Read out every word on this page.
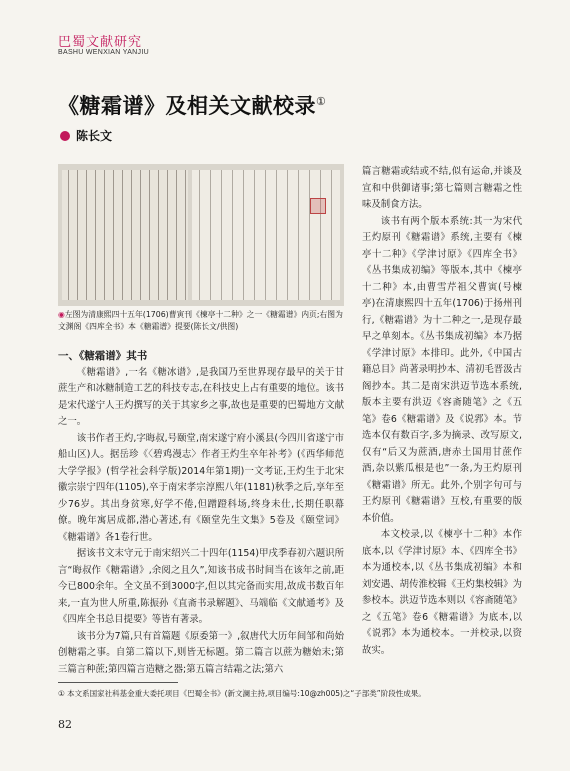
巴蜀文献研究
BASHU WENXIAN YANJIU
《糖霜谱》及相关文献校录①
陈长文
◉左图为清康熙四十五年(1706)曹寅刊《楝亭十二种》之一《糖霜谱》内页;右图为文渊阁《四库全书》本《糖霜谱》提要(陈长文/供图)

一、《糖霜谱》其书

《糖霜谱》,一名《糖冰谱》,是我国乃至世界现存最早的关于甘蔗生产和冰糖制造工艺的科技专志,在科技史上占有重要的地位。该书是宋代遂宁人王灼撰写的关于其家乡之事,故也是重要的巴蜀地方文献之一。

该书作者王灼,字晦叔,号颐堂,南宋遂宁府小溪县(今四川省遂宁市船山区)人。据岳珍《〈碧鸡漫志〉作者王灼生卒年补考》(《西华师范大学学报》(哲学社会科学版)2014年第1期)一文考证,王灼生于北宋徽宗崇宁四年(1105),卒于南宋孝宗淳熙八年(1181)秋季之后,享年至少76岁。其出身贫寒,好学不倦,但蹭蹬科场,终身未仕,长期任职幕僚。晚年寓居成都,潜心著述,有《颐堂先生文集》5卷及《颐堂词》《糖霜谱》各1卷行世。

据该书文末守元于南宋绍兴二十四年(1154)甲戌季春初六题识所言“晦叔作《糖霜谱》,余阅之且久”,知该书成书时间当在该年之前,距今已800余年。全文虽不到3000字,但以其完备而实用,故成书数百年来,一直为世人所重,陈振孙《直斋书录解题》、马端临《文献通考》及《四库全书总目提要》等皆有著录。

该书分为7篇,只有首篇题《原委第一》,叙唐代大历年间邹和尚始创糖霜之事。自第二篇以下,则皆无标题。第二篇言以蔗为糖始末;第三篇言种蔗;第四篇言造糖之器;第五篇言结霜之法;第六

篇言糖霜或结或不结,似有运命,并谈及宣和中供御诸事;第七篇则言糖霜之性味及制食方法。

该书有两个版本系统:其一为宋代王灼原刊《糖霜谱》系统,主要有《楝亭十二种》《学津讨原》《四库全书》《丛书集成初编》等版本,其中《楝亭十二种》本,由曹雪芹祖父曹寅(号楝亭)在清康熙四十五年(1706)于扬州刊行,《糖霜谱》为十二种之一,是现存最早之单刻本。《丛书集成初编》本乃据《学津讨原》本排印。此外,《中国古籍总目》尚著录明抄本、清初毛晋汲古阁抄本。其二是南宋洪迈节选本系统,版本主要有洪迈《容斋随笔》之《五笔》卷6《糖霜谱》及《说郛》本。节选本仅有数百字,多为摘录、改写原文,仅有“后又为蔗酒,唐赤土国用甘蔗作酒,杂以紫瓜根是也”一条,为王灼原刊《糖霜谱》所无。此外,个别字句可与王灼原刊《糖霜谱》互校,有重要的版本价值。

本文校录,以《楝亭十二种》本作底本,以《学津讨原》本、《四库全书》本为通校本,以《丛书集成初编》本和刘安遇、胡传淮校辑《王灼集校辑》为参校本。洪迈节选本则以《容斋随笔》之《五笔》卷6《糖霜谱》为底本,以《说郛》本为通校本。一并校录,以资故实。

① 本文系国家社科基金重大委托项目《巴蜀全书》(新文澜主持,项目编号:10@zh005)之“子部类”阶段性成果。
82
